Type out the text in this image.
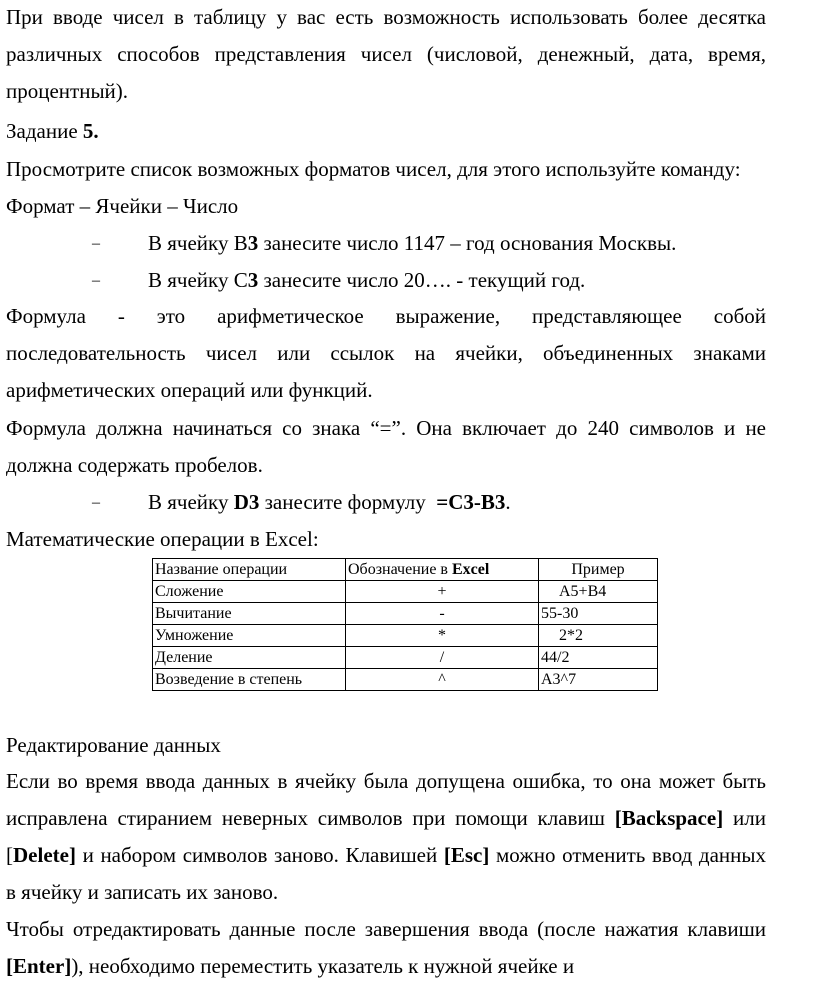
При вводе чисел в таблицу у вас есть возможность использовать более десятка различных способов представления чисел (числовой, денежный, дата, время, процентный).

Задание 5.

Просмотрите список возможных форматов чисел, для этого используйте команду:

Формат – Ячейки – Число

– В ячейку B3 занесите число 1147 – год основания Москвы.
– В ячейку C3 занесите число 20…. - текущий год.

Формула - это арифметическое выражение, представляющее собой последовательность чисел или ссылок на ячейки, объединенных знаками арифметических операций или функций.

Формула должна начинаться со знака “=”. Она включает до 240 символов и не должна содержать пробелов.

– В ячейку D3 занесите формулу  =C3-B3.

Математические операции в Excel:

Название операции	Обозначение в Excel	Пример
Сложение	+	A5+B4
Вычитание	-	55-30
Умножение	*	2*2
Деление	/	44/2
Возведение в степень	^	A3^7

Редактирование данных

Если во время ввода данных в ячейку была допущена ошибка, то она может быть исправлена стиранием неверных символов при помощи клавиш [Backspace] или [Delete] и набором символов заново. Клавишей [Esc] можно отменить ввод данных в ячейку и записать их заново.

Чтобы отредактировать данные после завершения ввода (после нажатия клавиши [Enter]), необходимо переместить указатель к нужной ячейке и
